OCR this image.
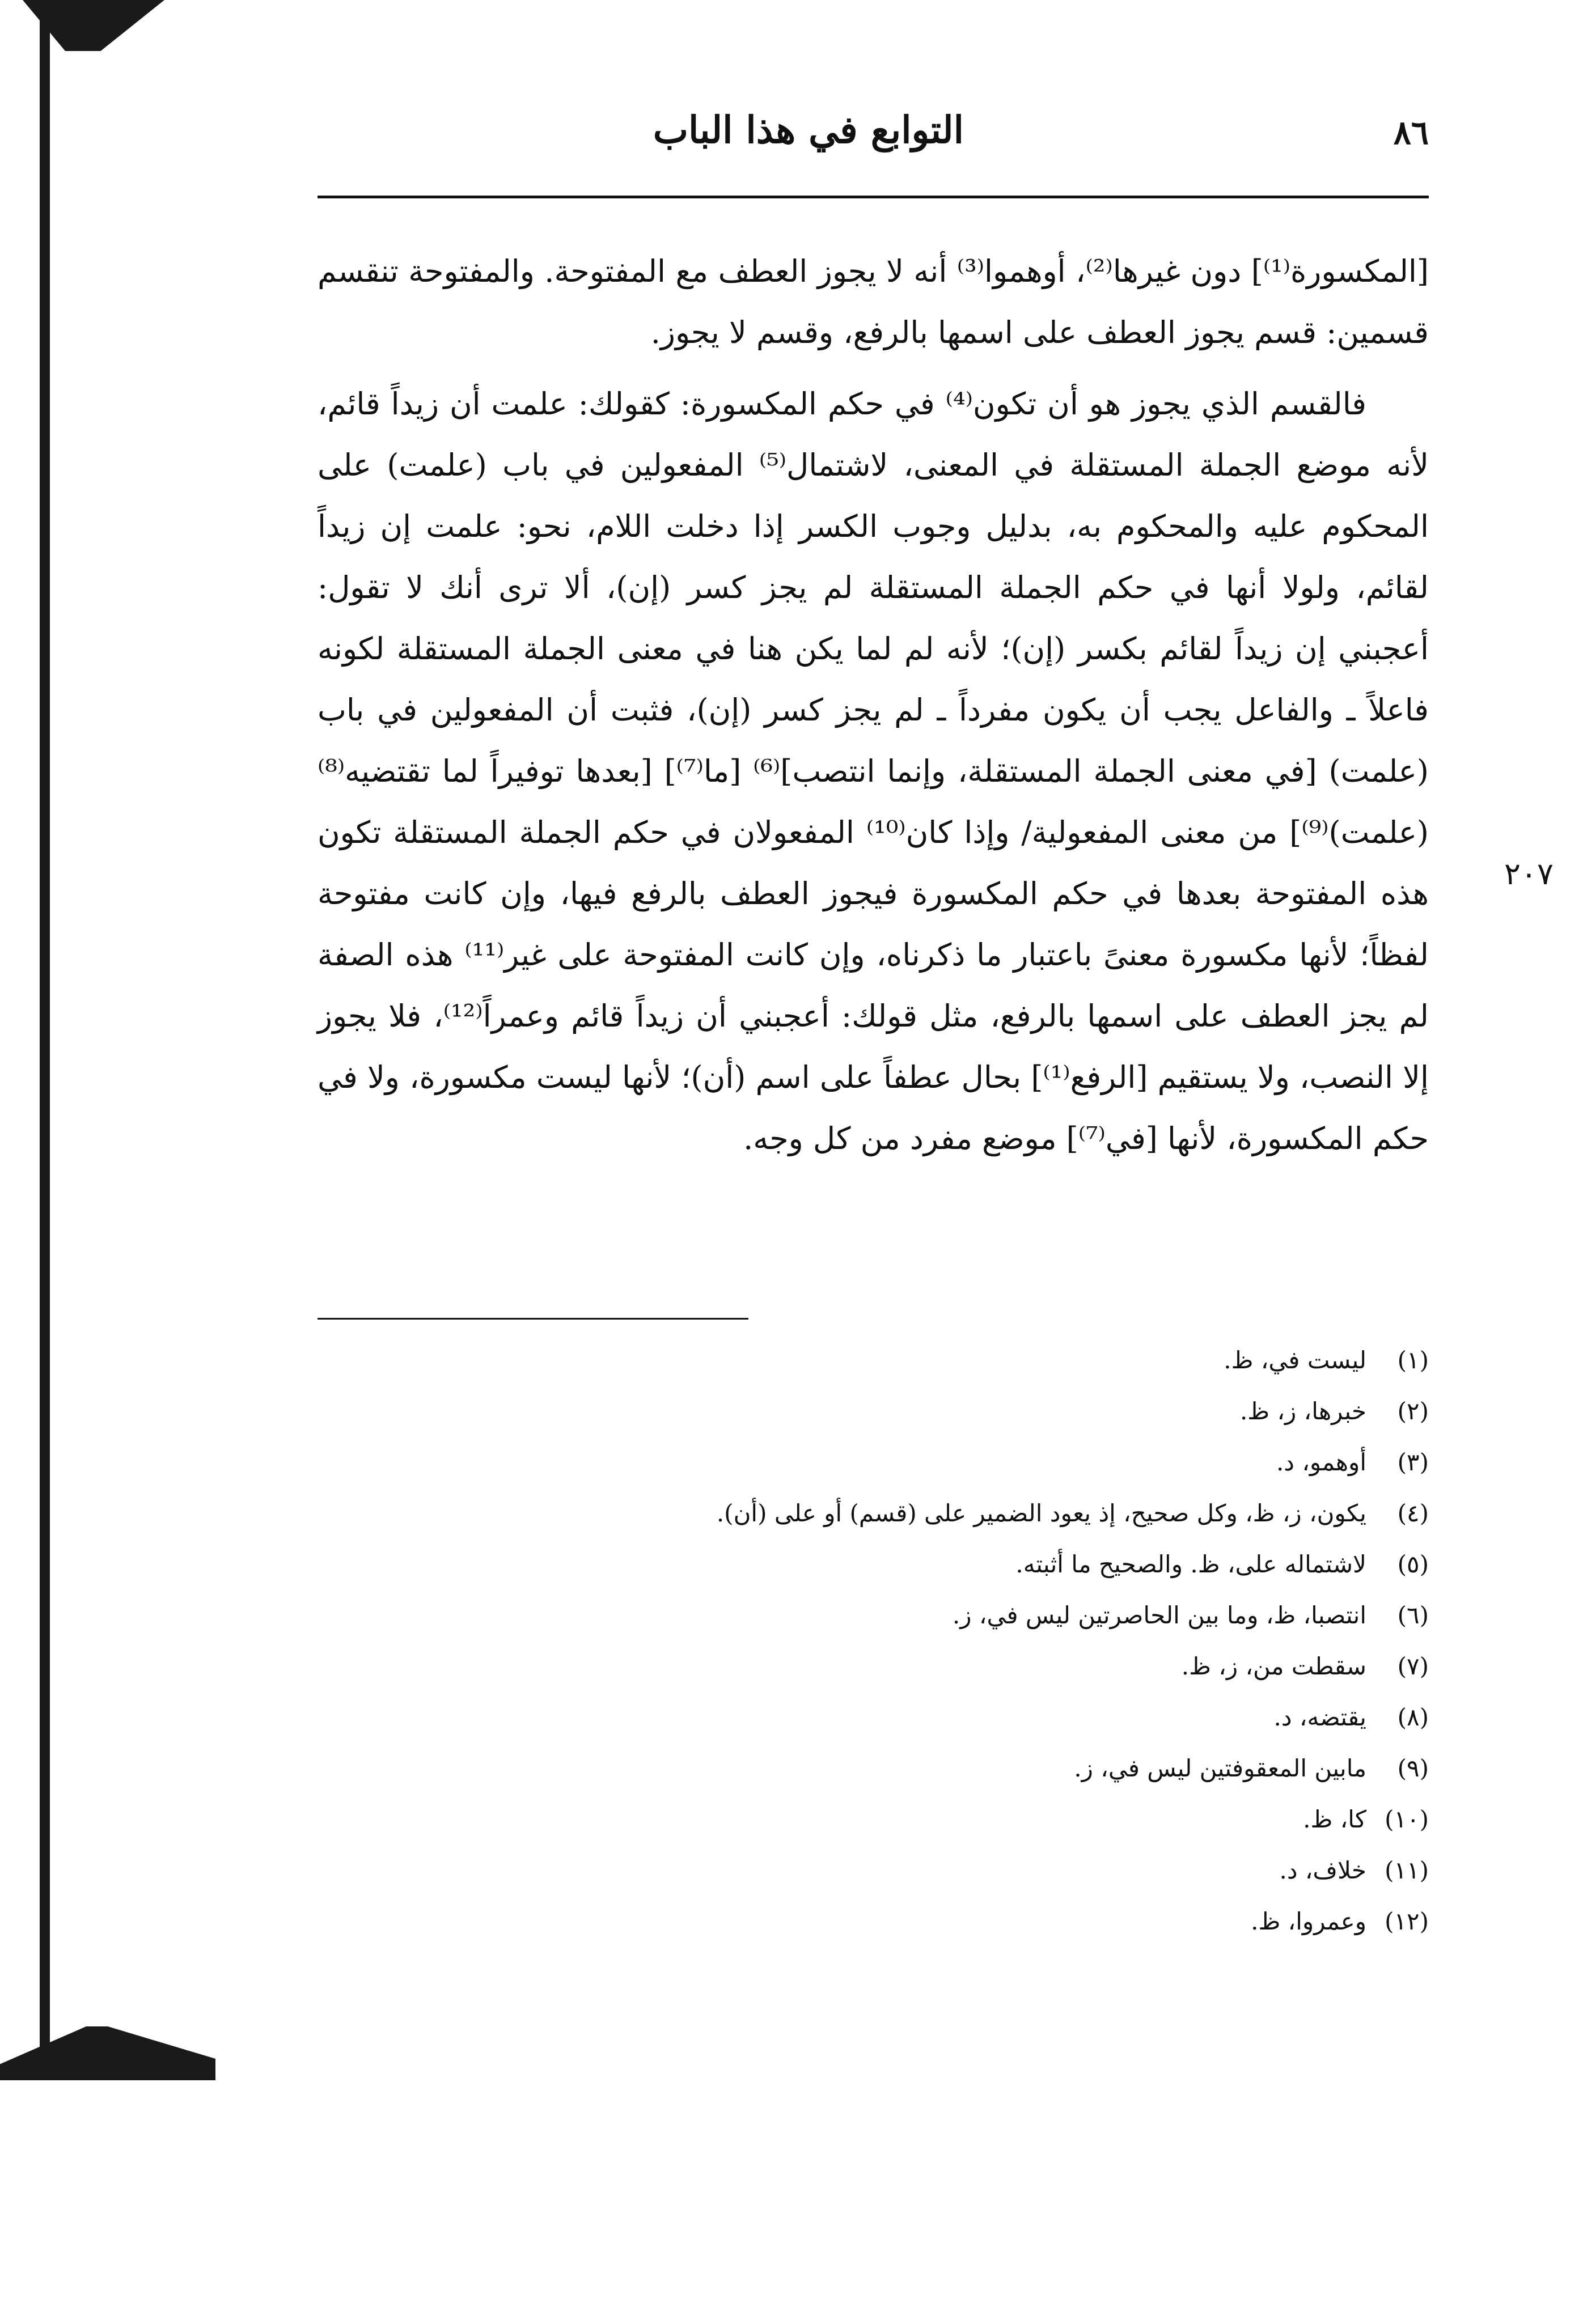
٨٦
التوابع في هذا الباب

[المكسورة⁽¹⁾] دون غيرها⁽²⁾، أوهموا⁽³⁾ أنه لا يجوز العطف مع المفتوحة. والمفتوحة تنقسم قسمين: قسم يجوز العطف على اسمها بالرفع، وقسم لا يجوز.

فالقسم الذي يجوز هو أن تكون⁽⁴⁾ في حكم المكسورة: كقولك: علمت أن زيداً قائم، لأنه موضع الجملة المستقلة في المعنى، لاشتمال⁽⁵⁾ المفعولين في باب (علمت) على المحكوم عليه والمحكوم به، بدليل وجوب الكسر إذا دخلت اللام، نحو: علمت إن زيداً لقائم، ولولا أنها في حكم الجملة المستقلة لم يجز كسر (إن)، ألا ترى أنك لا تقول: أعجبني إن زيداً لقائم بكسر (إن)؛ لأنه لم لما يكن هنا في معنى الجملة المستقلة لكونه فاعلاً ـ والفاعل يجب أن يكون مفرداً ـ لم يجز كسر (إن)، فثبت أن المفعولين في باب (علمت) [في معنى الجملة المستقلة، وإنما انتصب]⁽⁶⁾ [ما⁽⁷⁾] [بعدها توفيراً لما تقتضيه⁽⁸⁾ (علمت)⁽⁹⁾] من معنى المفعولية/ وإذا كان⁽¹⁰⁾ المفعولان في حكم الجملة المستقلة تكون هذه المفتوحة بعدها في حكم المكسورة فيجوز العطف بالرفع فيها، وإن كانت مفتوحة لفظاً؛ لأنها مكسورة معنىً باعتبار ما ذكرناه، وإن كانت المفتوحة على غير⁽¹¹⁾ هذه الصفة لم يجز العطف على اسمها بالرفع، مثل قولك: أعجبني أن زيداً قائم وعمراً⁽¹²⁾، فلا يجوز إلا النصب، ولا يستقيم [الرفع⁽¹⁾] بحال عطفاً على اسم (أن)؛ لأنها ليست مكسورة، ولا في حكم المكسورة، لأنها [في⁽⁷⁾] موضع مفرد من كل وجه.

٢٠٧
(١)ليست في، ظ.
(٢)خبرها، ز، ظ.
(٣)أوهمو، د.
(٤)يكون، ز، ظ، وكل صحيح، إذ يعود الضمير على (قسم) أو على (أن).
(٥)لاشتماله على، ظ. والصحيح ما أثبته.
(٦)انتصبا، ظ، وما بين الحاصرتين ليس في، ز.
(٧)سقطت من، ز، ظ.
(٨)يقتضه، د.
(٩)مابين المعقوفتين ليس في، ز.
(١٠)كا، ظ.
(١١)خلاف، د.
(١٢)وعمروا، ظ.
